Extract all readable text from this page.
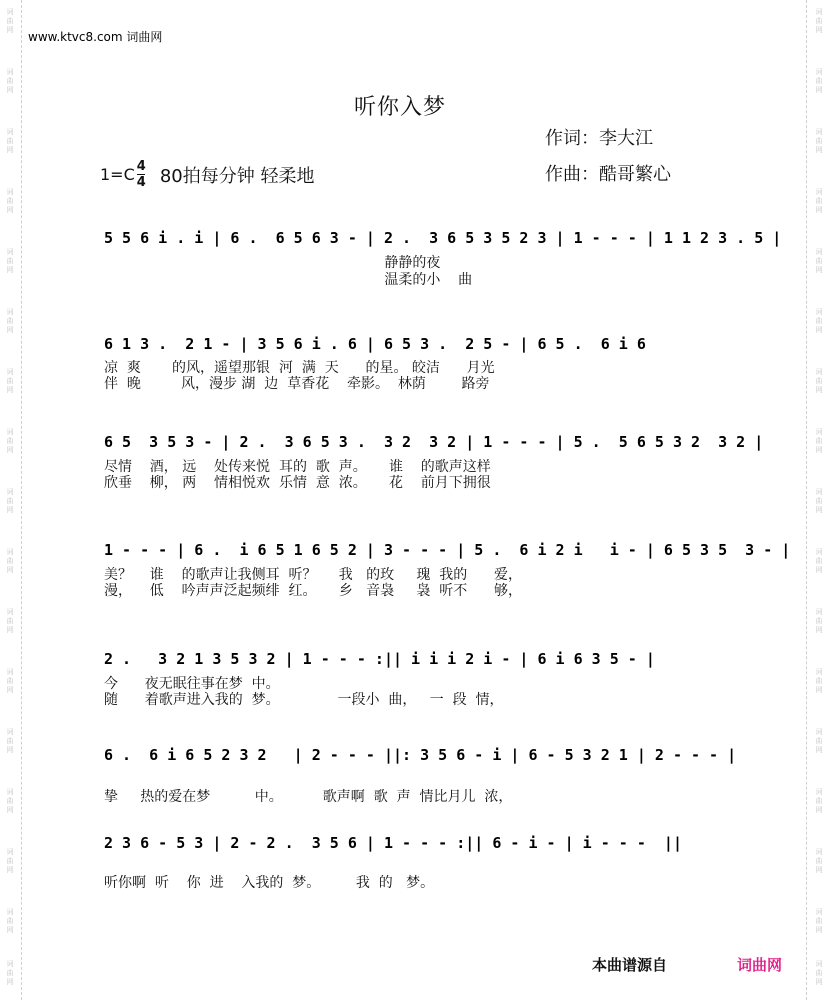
词
曲
网
词
曲
网
词
曲
网
词
曲
网
词
曲
网
词
曲
网
词
曲
网
词
曲
网
词
曲
网
词
曲
网
词
曲
网
词
曲
网
词
曲
网
词
曲
网
词
曲
网
词
曲
网
词
曲
网
词
曲
网
词
曲
网
词
曲
网
词
曲
网
词
曲
网
词
曲
网
词
曲
网
词
曲
网
词
曲
网
词
曲
网
词
曲
网
词
曲
网
词
曲
网
词
曲
网
词
曲
网
词
曲
网
词
曲
网
www.ktvc8.com 词曲网
听你入梦
作词：李大江
作曲：酷哥繁心
$1=C \frac{4}{4} 80$拍每分钟 轻柔地
5 5 6 i . i | 6 .  6 5 6 3 - | 2 .  3 6 5 3 5 2 3 | 1 - - - | 1 1 2 3 . 5 |
静静的夜
温柔的小    曲
6 1 3 .  2 1 - | 3 5 6 i . 6 | 6 5 3 .  2 5 - | 6 5 .  6 i 6
凉  爽       的风，遥望那银  河  满  天      的星。 皎洁      月光
伴  晚         风，漫步 湖  边  草香花    牵影。  林荫        路旁
6 5  3 5 3 - | 2 .  3 6 5 3 .  3 2  3 2 | 1 - - - | 5 .  5 6 5 3 2  3 2 |
尽情    酒， 远    处传来悦  耳的  歌  声。     谁    的歌声这样
欣垂    柳， 两    情相悦欢  乐情  意  浓。     花    前月下拥很
1 - - - | 6 .  i 6 5 1 6 5 2 | 3 - - - | 5 .  6 i 2 i   i - | 6 5 3 5  3 - |
美？    谁    的歌声让我侧耳  听？     我   的玫     瑰  我的      爱，
漫，    低    吟声声泛起频绯  红。     乡   音袅     袅  听不      够，
2 .   3 2 1 3 5 3 2 | 1 - - - :|| i i i 2 i - | 6 i 6 3 5 - |
今      夜无眠往事在梦  中。
随      着歌声进入我的  梦。             一段小  曲，   一  段  情，
6 .  6 i 6 5 2 3 2   | 2 - - - ||: 3 5 6 - i | 6 - 5 3 2 1 | 2 - - - |
挚     热的爱在梦          中。         歌声啊  歌  声  情比月儿  浓，
2 3 6 - 5 3 | 2 - 2 .  3 5 6 | 1 - - - :|| 6 - i - | i - - -  ||
听你啊  听    你  进    入我的  梦。        我  的   梦。
本曲谱源自	词曲网
